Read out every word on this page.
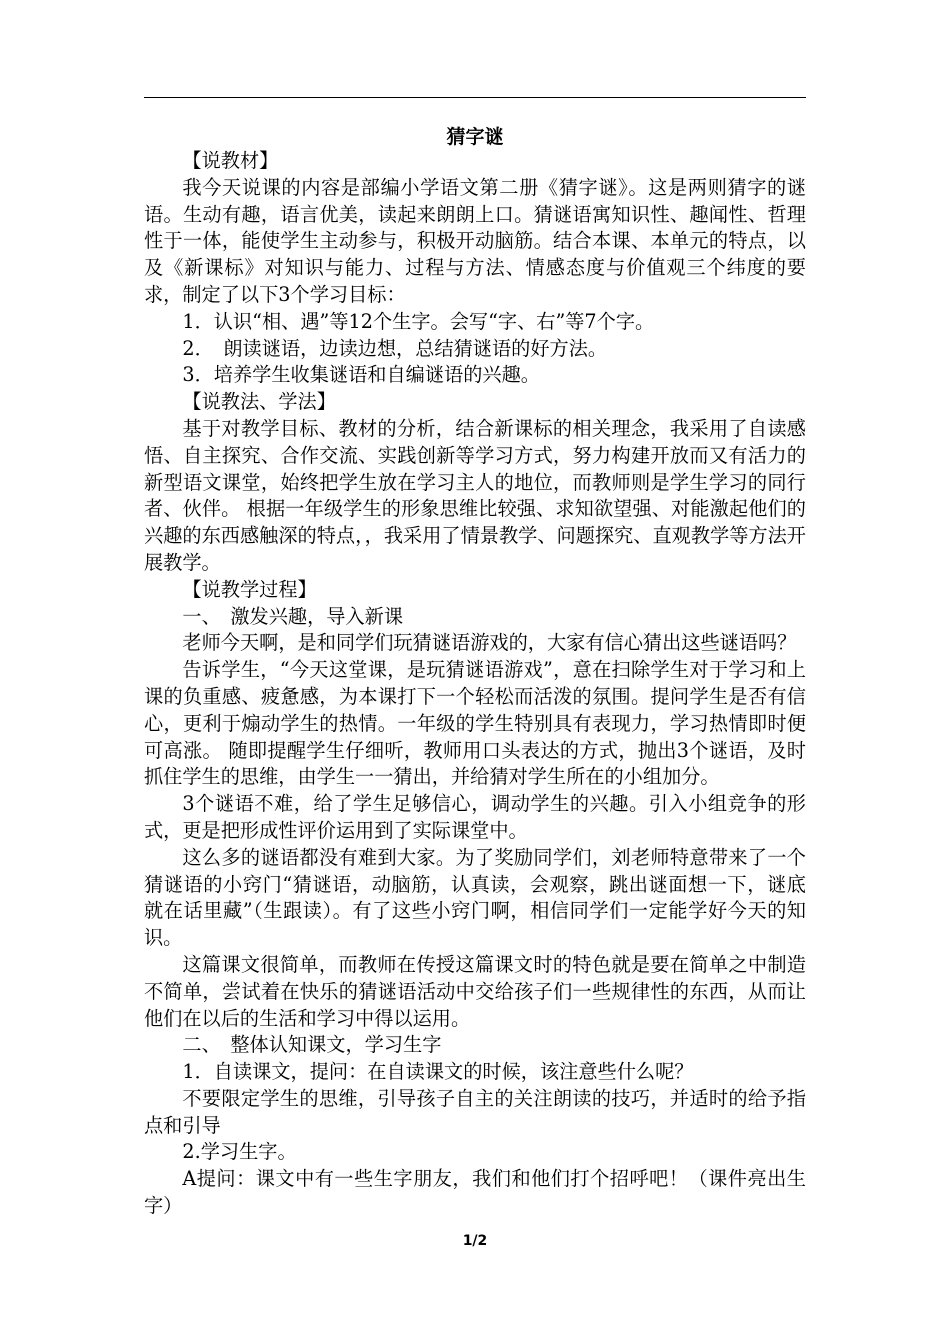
猜字谜

【说教材】

我今天说课的内容是部编小学语文第二册《猜字谜》。这是两则猜字的谜语。生动有趣，语言优美，读起来朗朗上口。猜谜语寓知识性、趣闻性、哲理性于一体，能使学生主动参与，积极开动脑筋。结合本课、本单元的特点，以及《新课标》对知识与能力、过程与方法、情感态度与价值观三个纬度的要求，制定了以下3个学习目标：

1．认识“相、遇”等12个生字。会写“字、右”等7个字。

2．　朗读谜语，边读边想，总结猜谜语的好方法。

3．培养学生收集谜语和自编谜语的兴趣。

【说教法、学法】

基于对教学目标、教材的分析，结合新课标的相关理念，我采用了自读感悟、自主探究、合作交流、实践创新等学习方式，努力构建开放而又有活力的新型语文课堂，始终把学生放在学习主人的地位，而教师则是学生学习的同行者、伙伴。 根据一年级学生的形象思维比较强、求知欲望强、对能激起他们的兴趣的东西感触深的特点，，我采用了情景教学、问题探究、直观教学等方法开展教学。

【说教学过程】

一、　激发兴趣，导入新课

老师今天啊，是和同学们玩猜谜语游戏的，大家有信心猜出这些谜语吗？

告诉学生，“今天这堂课，是玩猜谜语游戏”，意在扫除学生对于学习和上课的负重感、疲惫感，为本课打下一个轻松而活泼的氛围。提问学生是否有信心，更利于煽动学生的热情。一年级的学生特别具有表现力，学习热情即时便可高涨。 随即提醒学生仔细听，教师用口头表达的方式，抛出3个谜语，及时抓住学生的思维，由学生一一猜出，并给猜对学生所在的小组加分。

3个谜语不难，给了学生足够信心，调动学生的兴趣。引入小组竞争的形式，更是把形成性评价运用到了实际课堂中。

这么多的谜语都没有难到大家。为了奖励同学们，刘老师特意带来了一个猜谜语的小窍门“猜谜语，动脑筋，认真读，会观察，跳出谜面想一下，谜底就在话里藏”（生跟读）。有了这些小窍门啊，相信同学们一定能学好今天的知识。

这篇课文很简单，而教师在传授这篇课文时的特色就是要在简单之中制造不简单，尝试着在快乐的猜谜语活动中交给孩子们一些规律性的东西，从而让他们在以后的生活和学习中得以运用。

二、　整体认知课文，学习生字

1．自读课文，提问：在自读课文的时候，该注意些什么呢？

不要限定学生的思维，引导孩子自主的关注朗读的技巧，并适时的给予指点和引导

2.学习生字。

A提问：课文中有一些生字朋友，我们和他们打个招呼吧！（课件亮出生字）

1/2
